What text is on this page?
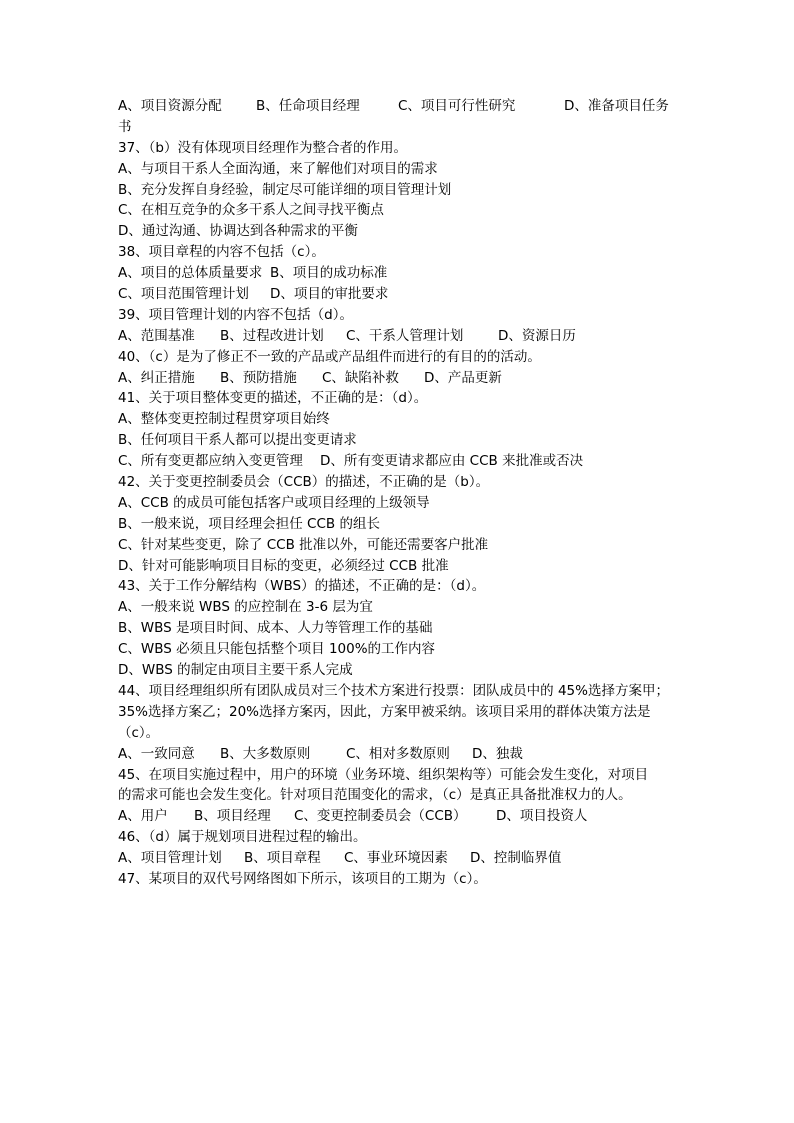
A、项目资源分配	B、任命项目经理	C、项目可行性研究	D、准备项目任务
书
37、（b）没有体现项目经理作为整合者的作用。
A、与项目干系人全面沟通，来了解他们对项目的需求
B、充分发挥自身经验，制定尽可能详细的项目管理计划
C、在相互竞争的众多干系人之间寻找平衡点
D、通过沟通、协调达到各种需求的平衡
38、项目章程的内容不包括（c）。
A、项目的总体质量要求 B、项目的成功标准
C、项目范围管理计划 D、项目的审批要求
39、项目管理计划的内容不包括（d）。
A、范围基准 B、过程改进计划 C、干系人管理计划	D、资源日历
40、（c）是为了修正不一致的产品或产品组件而进行的有目的的活动。
A、纠正措施 B、预防措施 C、缺陷补救 D、产品更新
41、关于项目整体变更的描述，不正确的是：（d）。
A、整体变更控制过程贯穿项目始终
B、任何项目干系人都可以提出变更请求
C、所有变更都应纳入变更管理 D、所有变更请求都应由 CCB 来批准或否决
42、关于变更控制委员会（CCB）的描述，不正确的是（b）。
A、CCB 的成员可能包括客户或项目经理的上级领导
B、一般来说，项目经理会担任 CCB 的组长
C、针对某些变更，除了 CCB 批准以外，可能还需要客户批准
D、针对可能影响项目目标的变更，必须经过 CCB 批准
43、关于工作分解结构（WBS）的描述，不正确的是：（d）。
A、一般来说 WBS 的应控制在 3-6 层为宜
B、WBS 是项目时间、成本、人力等管理工作的基础
C、WBS 必须且只能包括整个项目 100%的工作内容
D、WBS 的制定由项目主要干系人完成
44、项目经理组织所有团队成员对三个技术方案进行投票：团队成员中的 45%选择方案甲；
35%选择方案乙；20%选择方案丙，因此，方案甲被采纳。该项目采用的群体决策方法是
（c）。
A、一致同意 B、大多数原则	C、相对多数原则 D、独裁
45、在项目实施过程中，用户的环境（业务环境、组织架构等）可能会发生变化，对项目
的需求可能也会发生变化。针对项目范围变化的需求，（c）是真正具备批准权力的人。
A、用户 B、项目经理 C、变更控制委员会（CCB） D、项目投资人
46、（d）属于规划项目进程过程的输出。
A、项目管理计划 B、项目章程 C、事业环境因素 D、控制临界值
47、某项目的双代号网络图如下所示，该项目的工期为（c）。
